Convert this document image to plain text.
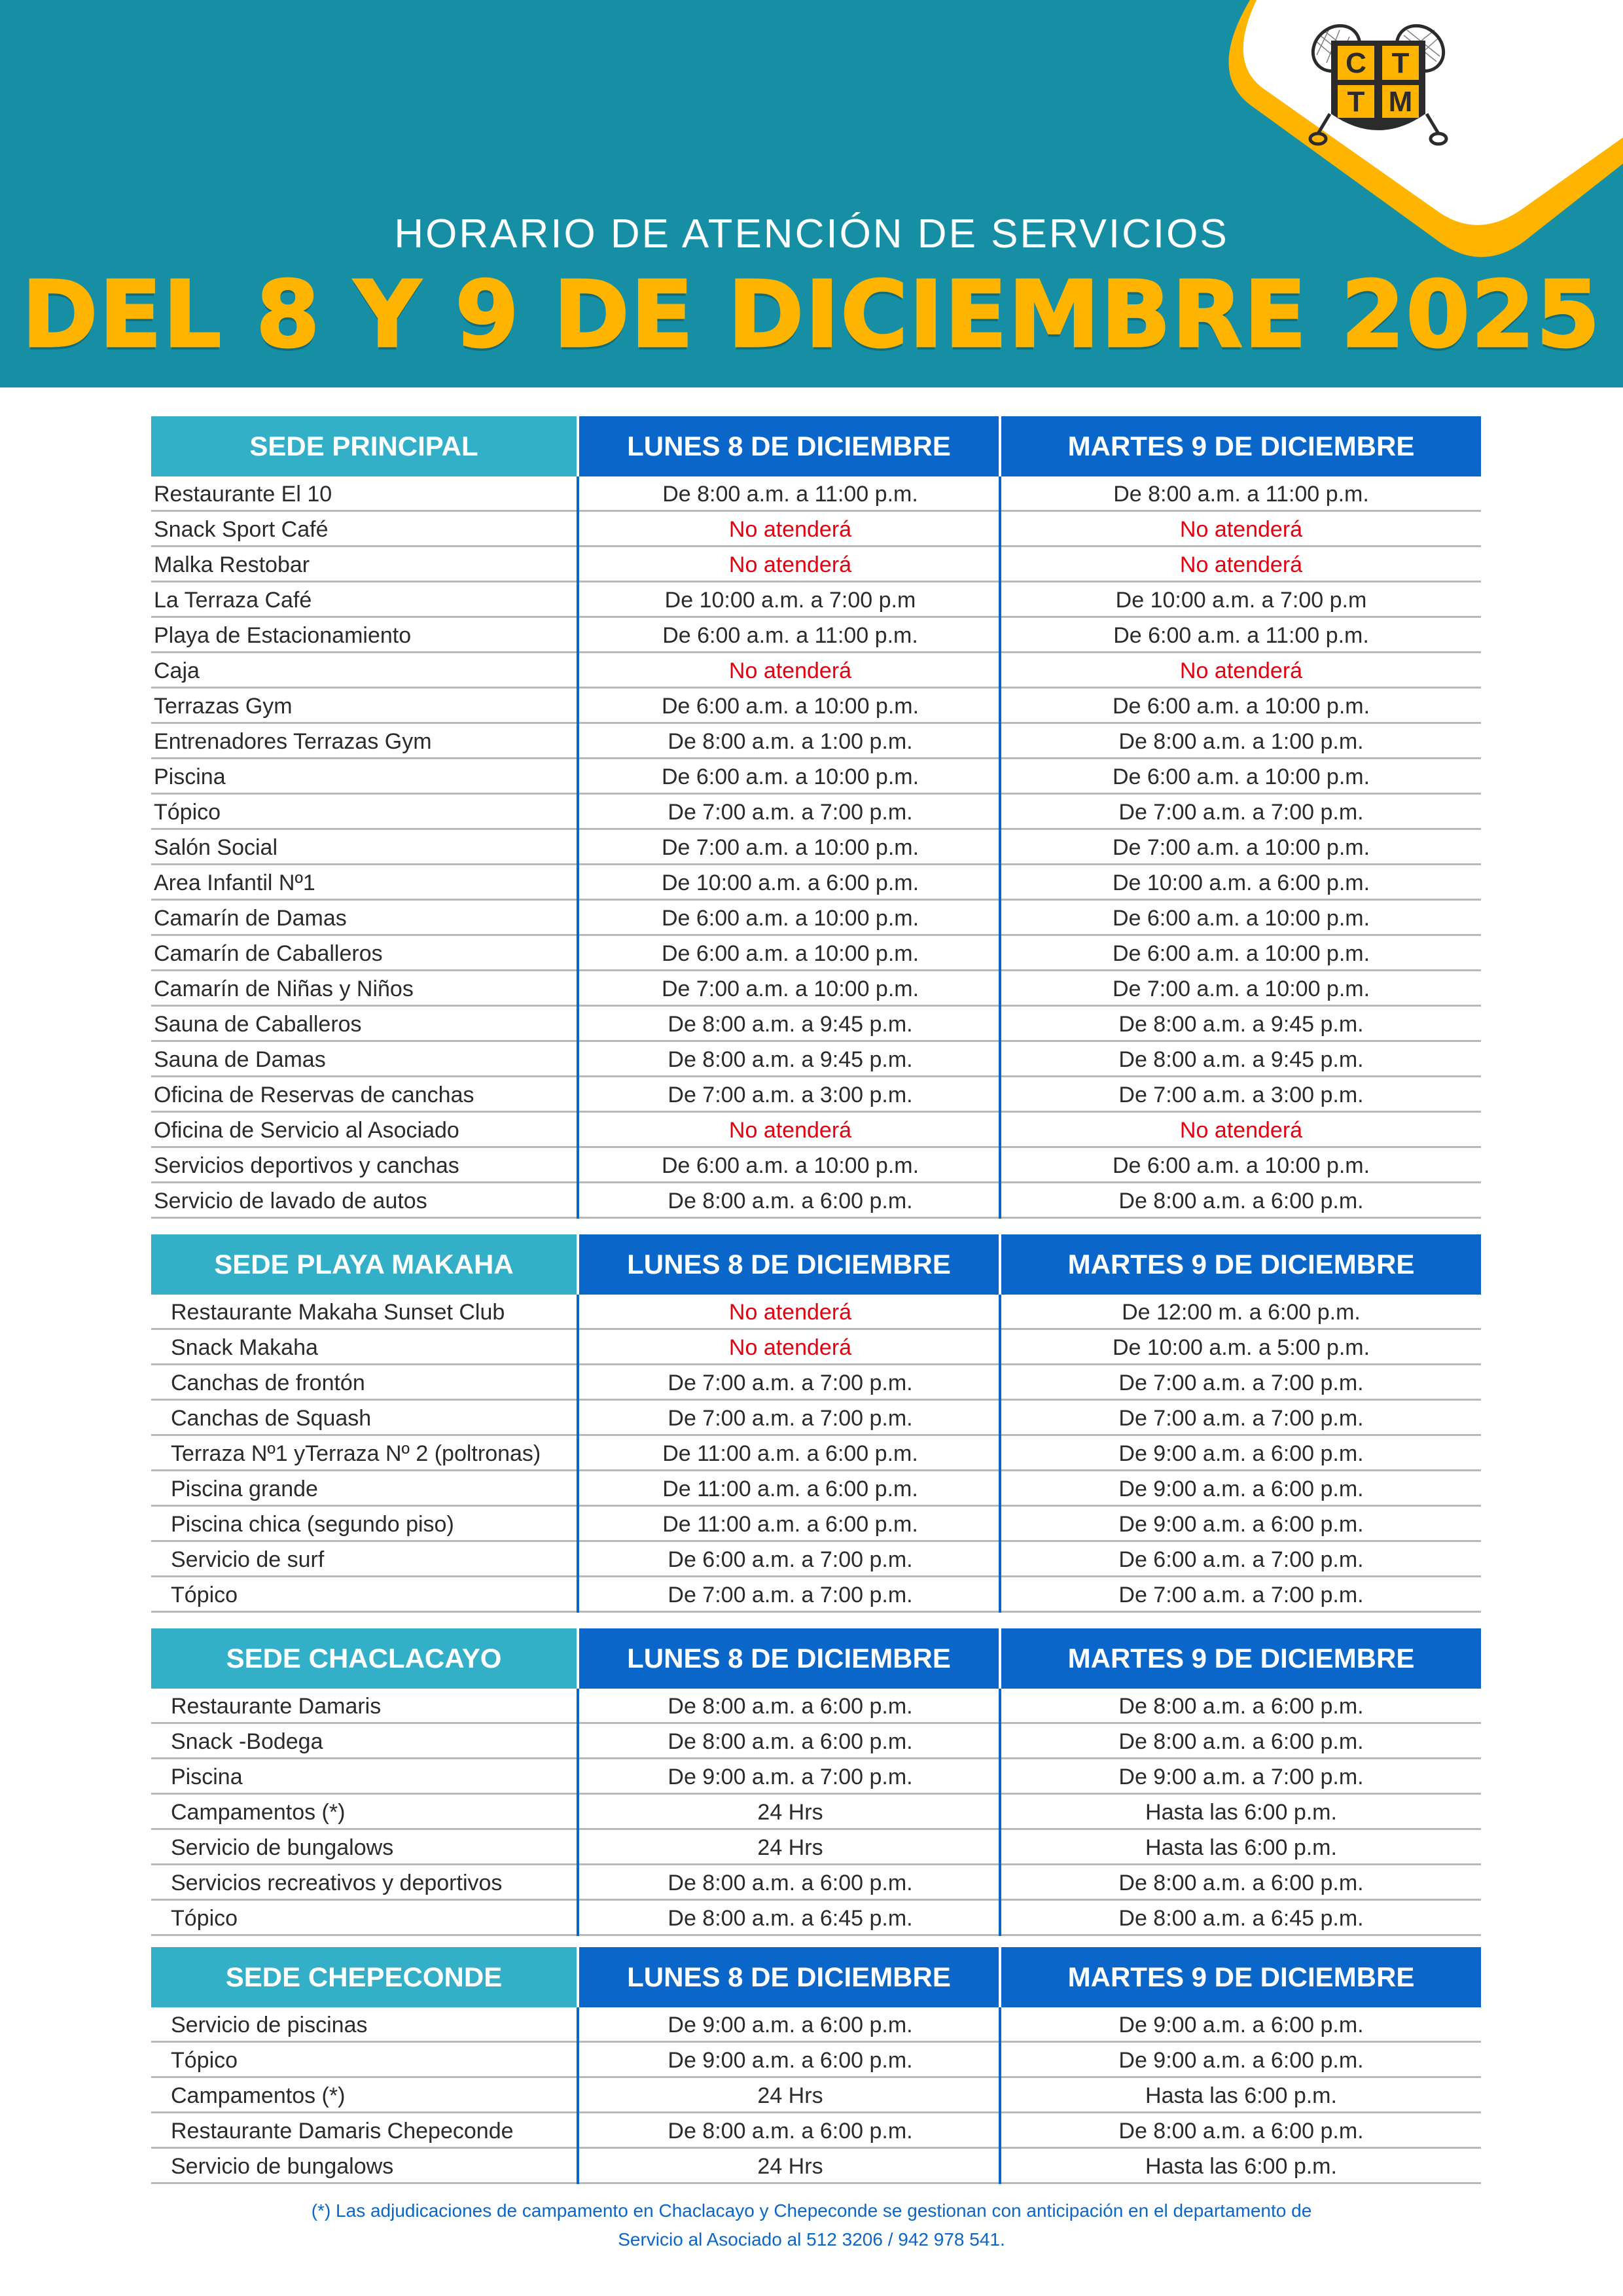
C T
T M
HORARIO DE ATENCIÓN DE SERVICIOS
DEL 8 Y 9 DE DICIEMBRE 2025
SEDE PRINCIPAL	LUNES 8 DE DICIEMBRE	MARTES 9 DE DICIEMBRE
Restaurante El 10	De 8:00 a.m. a 11:00 p.m.	De 8:00 a.m. a 11:00 p.m.
Snack Sport Café	No atenderá	No atenderá
Malka Restobar	No atenderá	No atenderá
La Terraza Café	De 10:00 a.m. a 7:00 p.m	De 10:00 a.m. a 7:00 p.m
Playa de Estacionamiento	De 6:00 a.m. a 11:00 p.m.	De 6:00 a.m. a 11:00 p.m.
Caja	No atenderá	No atenderá
Terrazas Gym	De 6:00 a.m. a 10:00 p.m.	De 6:00 a.m. a 10:00 p.m.
Entrenadores Terrazas Gym	De 8:00 a.m. a 1:00 p.m.	De 8:00 a.m. a 1:00 p.m.
Piscina	De 6:00 a.m. a 10:00 p.m.	De 6:00 a.m. a 10:00 p.m.
Tópico	De 7:00 a.m. a 7:00 p.m.	De 7:00 a.m. a 7:00 p.m.
Salón Social	De 7:00 a.m. a 10:00 p.m.	De 7:00 a.m. a 10:00 p.m.
Area Infantil Nº1	De 10:00 a.m. a 6:00 p.m.	De 10:00 a.m. a 6:00 p.m.
Camarín de Damas	De 6:00 a.m. a 10:00 p.m.	De 6:00 a.m. a 10:00 p.m.
Camarín de Caballeros	De 6:00 a.m. a 10:00 p.m.	De 6:00 a.m. a 10:00 p.m.
Camarín de Niñas y Niños	De 7:00 a.m. a 10:00 p.m.	De 7:00 a.m. a 10:00 p.m.
Sauna de Caballeros	De 8:00 a.m. a 9:45 p.m.	De 8:00 a.m. a 9:45 p.m.
Sauna de Damas	De 8:00 a.m. a 9:45 p.m.	De 8:00 a.m. a 9:45 p.m.
Oficina de Reservas de canchas	De 7:00 a.m. a 3:00 p.m.	De 7:00 a.m. a 3:00 p.m.
Oficina de Servicio al Asociado	No atenderá	No atenderá
Servicios deportivos y canchas	De 6:00 a.m. a 10:00 p.m.	De 6:00 a.m. a 10:00 p.m.
Servicio de lavado de autos	De 8:00 a.m. a 6:00 p.m.	De 8:00 a.m. a 6:00 p.m.
SEDE PLAYA MAKAHA	LUNES 8 DE DICIEMBRE	MARTES 9 DE DICIEMBRE
Restaurante Makaha Sunset Club	No atenderá	De 12:00 m. a 6:00 p.m.
Snack Makaha	No atenderá	De 10:00 a.m. a 5:00 p.m.
Canchas de frontón	De 7:00 a.m. a 7:00 p.m.	De 7:00 a.m. a 7:00 p.m.
Canchas de Squash	De 7:00 a.m. a 7:00 p.m.	De 7:00 a.m. a 7:00 p.m.
Terraza Nº1 yTerraza Nº 2 (poltronas)	De 11:00 a.m. a 6:00 p.m.	De 9:00 a.m. a 6:00 p.m.
Piscina grande	De 11:00 a.m. a 6:00 p.m.	De 9:00 a.m. a 6:00 p.m.
Piscina chica (segundo piso)	De 11:00 a.m. a 6:00 p.m.	De 9:00 a.m. a 6:00 p.m.
Servicio de surf	De 6:00 a.m. a 7:00 p.m.	De 6:00 a.m. a 7:00 p.m.
Tópico	De 7:00 a.m. a 7:00 p.m.	De 7:00 a.m. a 7:00 p.m.
SEDE CHACLACAYO	LUNES 8 DE DICIEMBRE	MARTES 9 DE DICIEMBRE
Restaurante Damaris	De 8:00 a.m. a 6:00 p.m.	De 8:00 a.m. a 6:00 p.m.
Snack -Bodega	De 8:00 a.m. a 6:00 p.m.	De 8:00 a.m. a 6:00 p.m.
Piscina	De 9:00 a.m. a 7:00 p.m.	De 9:00 a.m. a 7:00 p.m.
Campamentos (*)	24 Hrs	Hasta las 6:00 p.m.
Servicio de bungalows	24 Hrs	Hasta las 6:00 p.m.
Servicios recreativos y deportivos	De 8:00 a.m. a 6:00 p.m.	De 8:00 a.m. a 6:00 p.m.
Tópico	De 8:00 a.m. a 6:45 p.m.	De 8:00 a.m. a 6:45 p.m.
SEDE CHEPECONDE	LUNES 8 DE DICIEMBRE	MARTES 9 DE DICIEMBRE
Servicio de piscinas	De 9:00 a.m. a 6:00 p.m.	De 9:00 a.m. a 6:00 p.m.
Tópico	De 9:00 a.m. a 6:00 p.m.	De 9:00 a.m. a 6:00 p.m.
Campamentos (*)	24 Hrs	Hasta las 6:00 p.m.
Restaurante Damaris Chepeconde	De 8:00 a.m. a 6:00 p.m.	De 8:00 a.m. a 6:00 p.m.
Servicio de bungalows	24 Hrs	Hasta las 6:00 p.m.
(*) Las adjudicaciones de campamento en Chaclacayo y Chepeconde se gestionan con anticipación en el departamento de
Servicio al Asociado al 512 3206 / 942 978 541.
